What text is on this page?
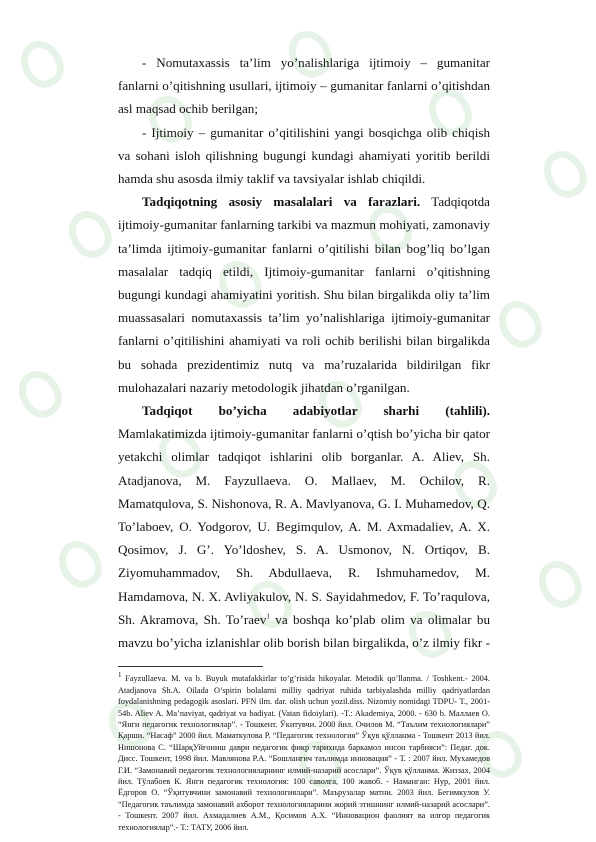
- Nomutaxassis ta’lim yo’nalishlariga ijtimoiy – gumanitar fanlarni o’qitishning usullari, ijtimoiy – gumanitar fanlarni o’qitishdan asl maqsad ochib berilgan;

- Ijtimoiy – gumanitar o’qitilishini yangi bosqichga olib chiqish va sohani isloh qilishning bugungi kundagi ahamiyati yoritib berildi hamda shu asosda ilmiy taklif va tavsiyalar ishlab chiqildi.

Tadqiqotning asosiy masalalari va farazlari. Tadqiqotda ijtimoiy-gumanitar fanlarning tarkibi va mazmun mohiyati, zamonaviy ta’limda ijtimoiy-gumanitar fanlarni o’qitilishi bilan bog’liq bo’lgan masalalar tadqiq etildi, Ijtimoiy-gumanitar fanlarni o’qitishning bugungi kundagi ahamiyatini yoritish. Shu bilan birgalikda oliy ta’lim muassasalari nomutaxassis ta’lim yo’nalishlariga ijtimoiy-gumanitar fanlarni o’qitilishini ahamiyati va roli ochib berilishi bilan birgalikda bu sohada prezidentimiz nutq va ma’ruzalarida bildirilgan fikr mulohazalari nazariy metodologik jihatdan o’rganilgan.

Tadqiqot bo’yicha adabiyotlar sharhi (tahlili). Mamlakatimizda ijtimoiy-gumanitar fanlarni o’qtish bo’yicha bir qator yetakchi olimlar tadqiqot ishlarini olib borganlar. A. Aliev, Sh. Atadjanova, M. Fayzullaeva. O. Mallaev, M. Ochilov, R. Mamatqulova, S. Nishonova, R. A. Mavlyanova, G. I. Muhamedov, Q. To’laboev, O. Yodgorov, U. Begimqulov, A. M. Axmadaliev, A. X. Qosimov, J. G’. Yo’ldoshev, S. A. Usmonov, N. Ortiqov, B. Ziyomuhammadov, Sh. Abdullaeva, R. Ishmuhamedov, M. Hamdamova, N. X. Avliyakulov, N. S. Sayidahmedov, F. To’raqulova, Sh. Akramova, Sh. To’raev$^1$ va boshqa ko’plab olim va olimalar bu mavzu bo’yicha izlanishlar olib borish bilan birgalikda, o’z ilmiy fikr -

$^1$ Fayzullaeva. M. va b. Buyuk mutafakkirlar to’g’risida hikoyalar. Metodik qo’llanma. / Toshkent.- 2004. Atadjanova Sh.A. Oilada O’spirin bolalarni milliy qadriyat ruhida tarbiyalashda milliy qadriyatlardan foydalanishning pedagogik asoslari. PFN ilm. dar. olish uchun yozil.diss. Nizomiy nomidagi TDPU- T., 2001-54b. Aliev A. Ma’naviyat, qadriyat va badiyat. (Vatan fidoiylari). -T.: Akademiya, 2000. - 630 b. Маллаев О. “Янги педагогик технологиялар”. - Тошкент. Ўкитувчи. 2000 йил. Очилов М. “Таълим технологиялари” Қарши. “Насаф” 2000 йил. Маматкулова Р. “Педагогик технология” Ўқув қўлланма - Тошкент 2013 йил. Нишонова С. “ШарқУйғониш даври педагогик фикр тарихида баркамол инсон тарбияси”: Педаг. док. Дисс. Тошкент, 1998 йил. Мавлянова Р.А. “Бошланғич таълимда инновация” - Т. : 2007 йил. Мухамедов Г.И. “Замонавий педагогик технологияларнинг илмий-назарий асослари”. Ўқув қўлланма. Жиззах, 2004 йил. Тўлабоев К. Янги педагогик технология: 100 саволга, 100 жавоб. - Наманган: Нур, 2001 йил. Ёдгоров О. “Ўқитувчини замонавий технологиялари”. Маърузалар матни. 2003 йил. Бегимкулов У. “Педагогик таълимда замонавий ахборот технологияларини жорий этишнинг илмий-назарий асослари”. - Тошкент. 2007 йил. Ахмадалиев А.М., Қосимов А.Х. “Инновацион фаолият ва илғор педагогик технологиялар”.- Т.: ТАТУ, 2006 йил.
